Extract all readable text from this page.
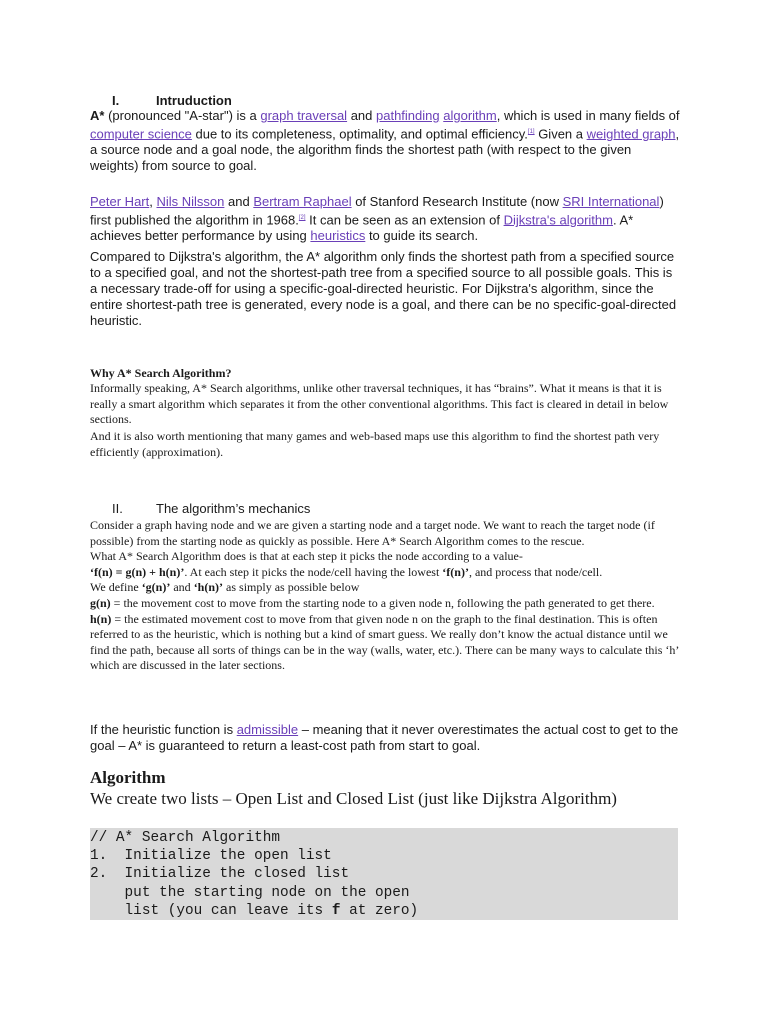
I.	Intruduction
A* (pronounced "A-star") is a graph traversal and pathfinding algorithm, which is used in many fields of computer science due to its completeness, optimality, and optimal efficiency.[1] Given a weighted graph, a source node and a goal node, the algorithm finds the shortest path (with respect to the given weights) from source to goal.
Peter Hart, Nils Nilsson and Bertram Raphael of Stanford Research Institute (now SRI International) first published the algorithm in 1968.[2] It can be seen as an extension of Dijkstra's algorithm. A* achieves better performance by using heuristics to guide its search.
Compared to Dijkstra's algorithm, the A* algorithm only finds the shortest path from a specified source to a specified goal, and not the shortest-path tree from a specified source to all possible goals. This is a necessary trade-off for using a specific-goal-directed heuristic. For Dijkstra's algorithm, since the entire shortest-path tree is generated, every node is a goal, and there can be no specific-goal-directed heuristic.
Why A* Search Algorithm?
Informally speaking, A* Search algorithms, unlike other traversal techniques, it has “brains”. What it means is that it is really a smart algorithm which separates it from the other conventional algorithms. This fact is cleared in detail in below sections.
And it is also worth mentioning that many games and web-based maps use this algorithm to find the shortest path very efficiently (approximation).
II.	The algorithm’s mechanics
Consider a graph having node and we are given a starting node and a target node. We want to reach the target node (if possible) from the starting node as quickly as possible. Here A* Search Algorithm comes to the rescue.
What A* Search Algorithm does is that at each step it picks the node according to a value-
‘f(n) = g(n) + h(n)’. At each step it picks the node/cell having the lowest ‘f(n)’, and process that node/cell.
We define ‘g(n)’ and ‘h(n)’ as simply as possible below
g(n) = the movement cost to move from the starting node to a given node n, following the path generated to get there.
h(n) = the estimated movement cost to move from that given node n on the graph to the final destination. This is often referred to as the heuristic, which is nothing but a kind of smart guess. We really don’t know the actual distance until we find the path, because all sorts of things can be in the way (walls, water, etc.). There can be many ways to calculate this ‘h’ which are discussed in the later sections.
If the heuristic function is admissible – meaning that it never overestimates the actual cost to get to the goal – A* is guaranteed to return a least-cost path from start to goal.
Algorithm
We create two lists – Open List and Closed List (just like Dijkstra Algorithm)
// A* Search Algorithm
1.  Initialize the open list
2.  Initialize the closed list
put the starting node on the open
list (you can leave its f at zero)
